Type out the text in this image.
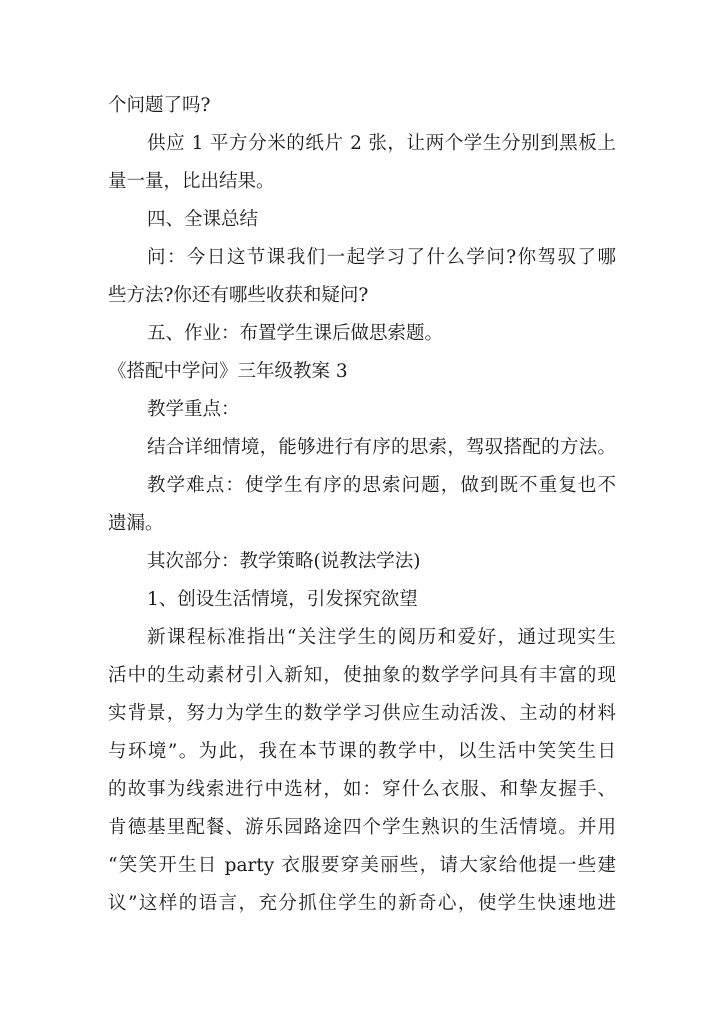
个问题了吗?
供应 1 平方分米的纸片 2 张，让两个学生分别到黑板上
量一量，比出结果。
四、全课总结
问：今日这节课我们一起学习了什么学问?你驾驭了哪
些方法?你还有哪些收获和疑问?
五、作业：布置学生课后做思索题。
《搭配中学问》三年级教案 3
教学重点：
结合详细情境，能够进行有序的思索，驾驭搭配的方法。
教学难点：使学生有序的思索问题，做到既不重复也不
遗漏。
其次部分：教学策略(说教法学法)
1、创设生活情境，引发探究欲望
新课程标准指出“关注学生的阅历和爱好，通过现实生
活中的生动素材引入新知，使抽象的数学学问具有丰富的现
实背景，努力为学生的数学学习供应生动活泼、主动的材料
与环境”。为此，我在本节课的教学中，以生活中笑笑生日
的故事为线索进行中选材，如：穿什么衣服、和挚友握手、
肯德基里配餐、游乐园路途四个学生熟识的生活情境。并用
“笑笑开生日 party 衣服要穿美丽些，请大家给他提一些建
议”这样的语言，充分抓住学生的新奇心，使学生快速地进
